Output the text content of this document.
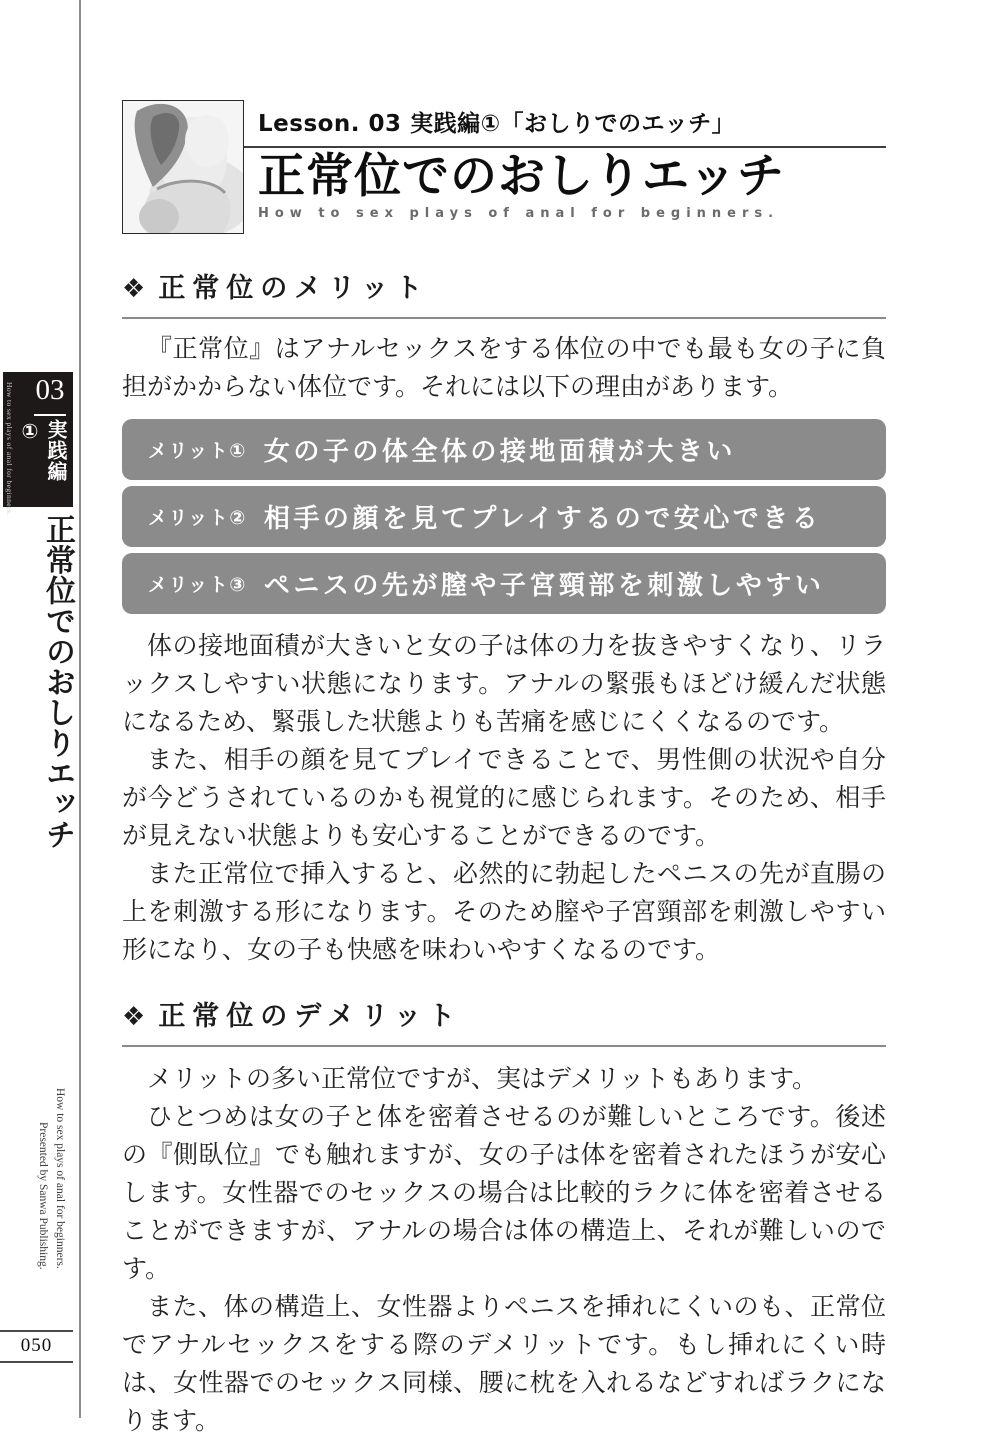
How to sex plays of anal for beginners. 03
実践編①
正常位でのおしりエッチ
How to sex plays of anal for beginners.
Presented by Sanwa Publishing.
050
Lesson. 03 実践編①「おしりでのエッチ」
正常位でのおしりエッチ
How to sex plays of anal for beginners.
❖ 正常位のメリット

『正常位』はアナルセックスをする体位の中でも最も女の子に負担がかからない体位です。それには以下の理由があります。

メリット① 女の子の体全体の接地面積が大きい
メリット② 相手の顔を見てプレイするので安心できる
メリット③ ペニスの先が膣や子宮頸部を刺激しやすい

体の接地面積が大きいと女の子は体の力を抜きやすくなり、リラックスしやすい状態になります。アナルの緊張もほどけ緩んだ状態になるため、緊張した状態よりも苦痛を感じにくくなるのです。

また、相手の顔を見てプレイできることで、男性側の状況や自分が今どうされているのかも視覚的に感じられます。そのため、相手が見えない状態よりも安心することができるのです。

また正常位で挿入すると、必然的に勃起したペニスの先が直腸の上を刺激する形になります。そのため膣や子宮頸部を刺激しやすい形になり、女の子も快感を味わいやすくなるのです。

❖ 正常位のデメリット

メリットの多い正常位ですが、実はデメリットもあります。

ひとつめは女の子と体を密着させるのが難しいところです。後述の『側臥位』でも触れますが、女の子は体を密着されたほうが安心します。女性器でのセックスの場合は比較的ラクに体を密着させることができますが、アナルの場合は体の構造上、それが難しいのです。

また、体の構造上、女性器よりペニスを挿れにくいのも、正常位でアナルセックスをする際のデメリットです。もし挿れにくい時は、女性器でのセックス同様、腰に枕を入れるなどすればラクになります。
